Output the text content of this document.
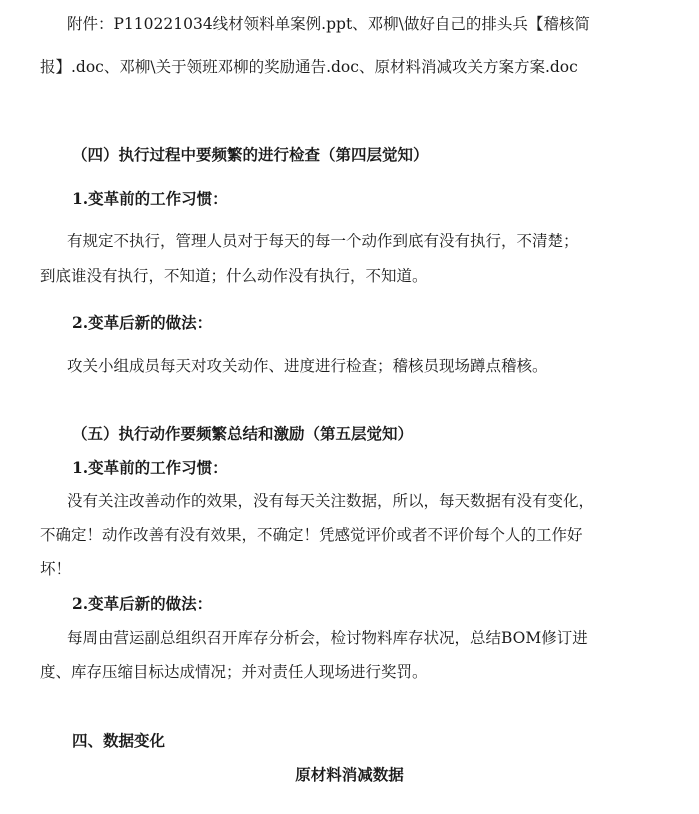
附件：P110221034线材领料单案例.ppt、邓柳\做好自己的排头兵【稽核简
报】.doc、邓柳\关于领班邓柳的奖励通告.doc、原材料消减攻关方案方案.doc
（四）执行过程中要频繁的进行检查（第四层觉知）
1.变革前的工作习惯：
有规定不执行，管理人员对于每天的每一个动作到底有没有执行，不清楚；
到底谁没有执行，不知道；什么动作没有执行，不知道。
2.变革后新的做法：
攻关小组成员每天对攻关动作、进度进行检查；稽核员现场蹲点稽核。
（五）执行动作要频繁总结和激励（第五层觉知）
1.变革前的工作习惯：
没有关注改善动作的效果，没有每天关注数据，所以，每天数据有没有变化，
不确定！动作改善有没有效果，不确定！凭感觉评价或者不评价每个人的工作好
坏！
2.变革后新的做法：
每周由营运副总组织召开库存分析会，检讨物料库存状况，总结BOM修订进
度、库存压缩目标达成情况；并对责任人现场进行奖罚。
四、数据变化
原材料消减数据
